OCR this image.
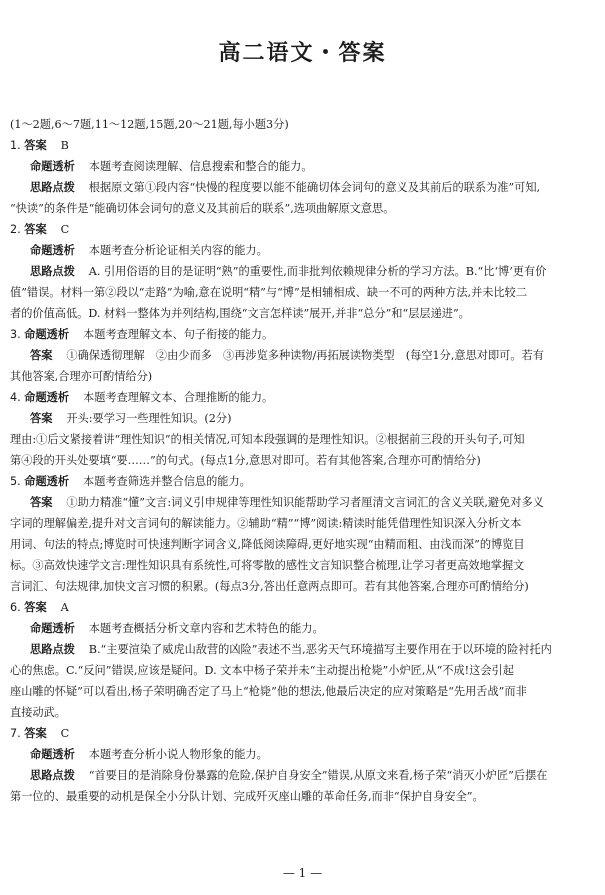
高二语文・答案
(1～2题,6～7题,11～12题,15题,20～21题,每小题3分)
1. 答案 B
命题透析 本题考查阅读理解、信息搜索和整合的能力。
思路点拨 根据原文第①段内容“快慢的程度要以能不能确切体会词句的意义及其前后的联系为准”可知,
“快读”的条件是“能确切体会词句的意义及其前后的联系”,选项曲解原文意思。
2. 答案 C
命题透析 本题考查分析论证相关内容的能力。
思路点拨 A. 引用俗语的目的是证明“熟”的重要性,而非批判依赖规律分析的学习方法。B.“比‘博’更有价
值”错误。材料一第②段以“走路”为喻,意在说明“精”与“博”是相辅相成、缺一不可的两种方法,并未比较二
者的价值高低。D. 材料一整体为并列结构,围绕“文言怎样读”展开,并非“总分”和“层层递进”。
3. 命题透析 本题考查理解文本、句子衔接的能力。
答案 ①确保透彻理解　②由少而多　③再涉览多种读物/再拓展读物类型　(每空1分,意思对即可。若有
其他答案,合理亦可酌情给分)
4. 命题透析 本题考查理解文本、合理推断的能力。
答案 开头:要学习一些理性知识。(2分)
理由:①后文紧接着讲“理性知识”的相关情况,可知本段强调的是理性知识。②根据前三段的开头句子,可知
第④段的开头处要填“要……”的句式。(每点1分,意思对即可。若有其他答案,合理亦可酌情给分)
5. 命题透析 本题考查筛选并整合信息的能力。
答案 ①助力精准“懂”文言:词义引申规律等理性知识能帮助学习者厘清文言词汇的含义关联,避免对多义
字词的理解偏差,提升对文言词句的解读能力。②辅助“精”“博”阅读:精读时能凭借理性知识深入分析文本
用词、句法的特点;博览时可快速判断字词含义,降低阅读障碍,更好地实现“由精而粗、由浅而深”的博览目
标。③高效快速学文言:理性知识具有系统性,可将零散的感性文言知识整合梳理,让学习者更高效地掌握文
言词汇、句法规律,加快文言习惯的积累。(每点3分,答出任意两点即可。若有其他答案,合理亦可酌情给分)
6. 答案 A
命题透析 本题考查概括分析文章内容和艺术特色的能力。
思路点拨 B.“主要渲染了威虎山敌营的凶险”表述不当,恶劣天气环境描写主要作用在于以环境的险衬托内
心的焦虑。C.“反问”错误,应该是疑问。D. 文本中杨子荣并未“主动提出枪毙”小炉匠,从“不成!这会引起
座山雕的怀疑”可以看出,杨子荣明确否定了马上“枪毙”他的想法,他最后决定的应对策略是“先用舌战”而非
直接动武。
7. 答案 C
命题透析 本题考查分析小说人物形象的能力。
思路点拨 “首要目的是消除身份暴露的危险,保护自身安全”错误,从原文来看,杨子荣“消灭小炉匠”后摆在
第一位的、最重要的动机是保全小分队计划、完成歼灭座山雕的革命任务,而非“保护自身安全”。
— 1 —
